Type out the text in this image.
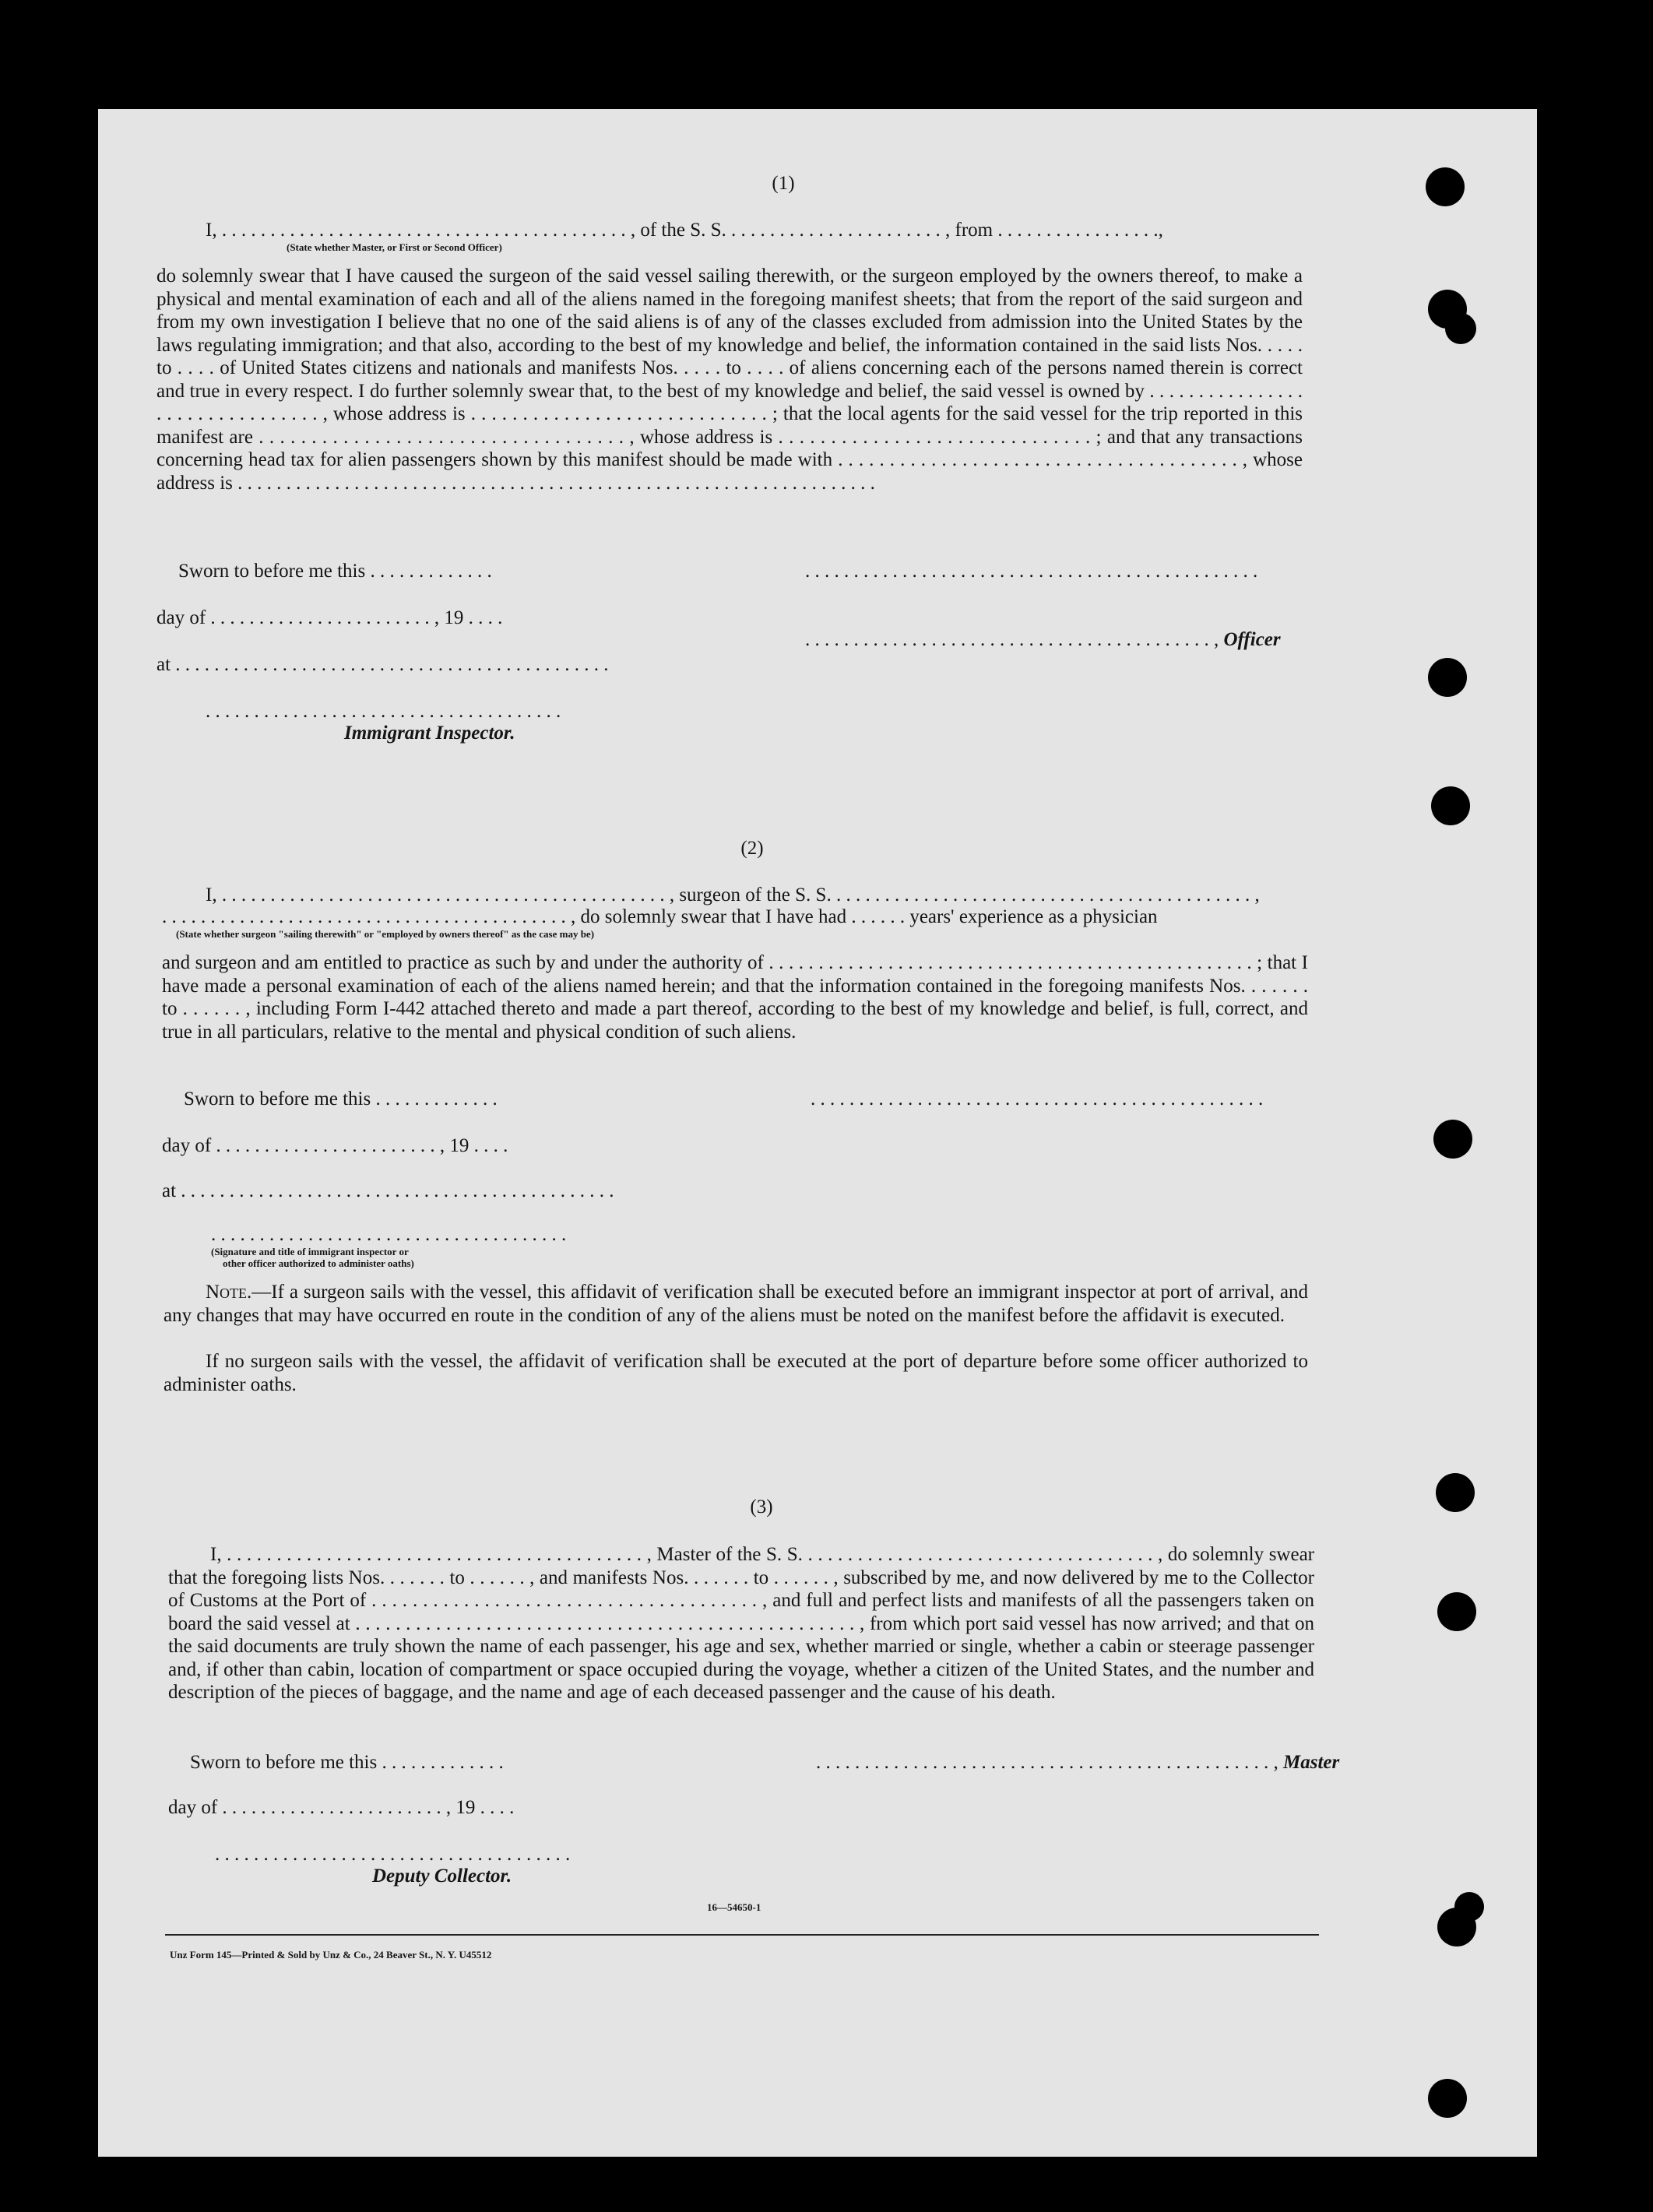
(1)
I, . . . . . . . . . . . . . . . . . . . . . . . . . . . . . . . . . . . . . . . . . . , of the S. S. . . . . . . . . . . . . . . . . . . . . . . , from . . . . . . . . . . . . . . . . .,
(State whether Master, or First or Second Officer)

do solemnly swear that I have caused the surgeon of the said vessel sailing therewith, or the surgeon employed by the owners thereof, to make a physical and mental examination of each and all of the aliens named in the foregoing manifest sheets; that from the report of the said surgeon and from my own investigation I believe that no one of the said aliens is of any of the classes excluded from admission into the United States by the laws regulating immigration; and that also, according to the best of my knowledge and belief, the information contained in the said lists Nos. . . . . to . . . . of United States citizens and nationals and manifests Nos. . . . . to . . . . of aliens concerning each of the persons named therein is correct and true in every respect. I do further solemnly swear that, to the best of my knowledge and belief, the said vessel is owned by . . . . . . . . . . . . . . . . . . . . . . . . . . . . . . . . , whose address is . . . . . . . . . . . . . . . . . . . . . . . . . . . . . ; that the local agents for the said vessel for the trip reported in this manifest are . . . . . . . . . . . . . . . . . . . . . . . . . . . . . . . . . . . , whose address is . . . . . . . . . . . . . . . . . . . . . . . . . . . . . . ; and that any transactions concerning head tax for alien passengers shown by this manifest should be made with . . . . . . . . . . . . . . . . . . . . . . . . . . . . . . . . . . . . . . . , whose address is . . . . . . . . . . . . . . . . . . . . . . . . . . . . . . . . . . . . . . . . . . . . . . . . . . . . . . . . . . . . . . . . . .

Sworn to before me this . . . . . . . . . . . . .	. . . . . . . . . . . . . . . . . . . . . . . . . . . . . . . . . . . . . . . . . . . . . . .
day of . . . . . . . . . . . . . . . . . . . . . . . , 19 . . . .
. . . . . . . . . . . . . . . . . . . . . . . . . . . . . . . . . . . . . . . . . . , Officer
at . . . . . . . . . . . . . . . . . . . . . . . . . . . . . . . . . . . . . . . . . . . . .
. . . . . . . . . . . . . . . . . . . . . . . . . . . . . . . . . . . . .
Immigrant Inspector.
(2)
I, . . . . . . . . . . . . . . . . . . . . . . . . . . . . . . . . . . . . . . . . . . . . . . , surgeon of the S. S. . . . . . . . . . . . . . . . . . . . . . . . . . . . . . . . . . . . . . . . . . . . ,
. . . . . . . . . . . . . . . . . . . . . . . . . . . . . . . . . . . . . . . . . . , do solemnly swear that I have had . . . . . . years' experience as a physician
(State whether surgeon "sailing therewith" or "employed by owners thereof" as the case may be)

and surgeon and am entitled to practice as such by and under the authority of . . . . . . . . . . . . . . . . . . . . . . . . . . . . . . . . . . . . . . . . . . . . . . . . . ; that I have made a personal examination of each of the aliens named herein; and that the information contained in the foregoing manifests Nos. . . . . . . to . . . . . . , including Form I-442 attached thereto and made a part thereof, according to the best of my knowledge and belief, is full, correct, and true in all particulars, relative to the mental and physical condition of such aliens.

Sworn to before me this . . . . . . . . . . . . .	. . . . . . . . . . . . . . . . . . . . . . . . . . . . . . . . . . . . . . . . . . . . . . .
day of . . . . . . . . . . . . . . . . . . . . . . . , 19 . . . .
at . . . . . . . . . . . . . . . . . . . . . . . . . . . . . . . . . . . . . . . . . . . . .
. . . . . . . . . . . . . . . . . . . . . . . . . . . . . . . . . . . . .
(Signature and title of immigrant inspector or
other officer authorized to administer oaths)

Note.—If a surgeon sails with the vessel, this affidavit of verification shall be executed before an immigrant inspector at port of arrival, and any changes that may have occurred en route in the condition of any of the aliens must be noted on the manifest before the affidavit is executed.

If no surgeon sails with the vessel, the affidavit of verification shall be executed at the port of departure before some officer authorized to administer oaths.

(3)

I, . . . . . . . . . . . . . . . . . . . . . . . . . . . . . . . . . . . . . . . . . . , Master of the S. S. . . . . . . . . . . . . . . . . . . . . . . . . . . . . . . . . . . . , do solemnly swear that the foregoing lists Nos. . . . . . . to . . . . . . , and manifests Nos. . . . . . . to . . . . . . , subscribed by me, and now delivered by me to the Collector of Customs at the Port of . . . . . . . . . . . . . . . . . . . . . . . . . . . . . . . . . . . . . . , and full and perfect lists and manifests of all the passengers taken on board the said vessel at . . . . . . . . . . . . . . . . . . . . . . . . . . . . . . . . . . . . . . . . . . . . . . . . . . , from which port said vessel has now arrived; and that on the said documents are truly shown the name of each passenger, his age and sex, whether married or single, whether a cabin or steerage passenger and, if other than cabin, location of compartment or space occupied during the voyage, whether a citizen of the United States, and the number and description of the pieces of baggage, and the name and age of each deceased passenger and the cause of his death.

Sworn to before me this . . . . . . . . . . . . .	. . . . . . . . . . . . . . . . . . . . . . . . . . . . . . . . . . . . . . . . . . . . . . . , Master
day of . . . . . . . . . . . . . . . . . . . . . . . , 19 . . . .
. . . . . . . . . . . . . . . . . . . . . . . . . . . . . . . . . . . . .
Deputy Collector.
16—54650-1
Unz Form 145—Printed & Sold by Unz & Co., 24 Beaver St., N. Y. U45512
